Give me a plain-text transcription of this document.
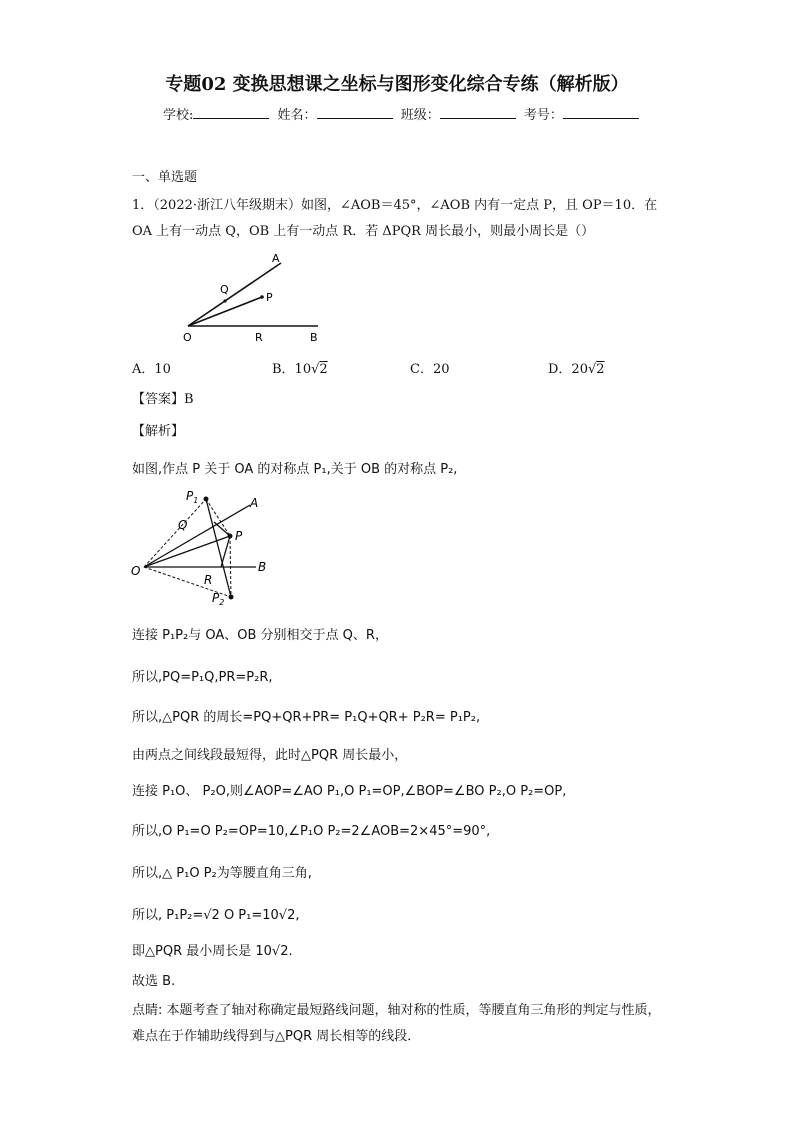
专题02 变换思想课之坐标与图形变化综合专练（解析版）
学校:	姓名：	班级：	考号：
一、单选题
1．（2022·浙江八年级期末）如图，∠AOB＝45°，∠AOB 内有一定点 P，且 OP＝10．在
OA 上有一动点 Q，OB 上有一动点 R．若 ΔPQR 周长最小，则最小周长是（）
A
Q
P
O	R	B
A．10	B．10√2	C．20	D．20√2
【答案】B
【解析】
如图,作点 P 关于 OA 的对称点 P₁,关于 OB 的对称点 P₂,
$P_1$	A
Q
P
O	B
R
$P_2$
连接 P₁P₂与 OA、OB 分别相交于点 Q、R，
所以,PQ=P₁Q,PR=P₂R,
所以,△PQR 的周长=PQ+QR+PR= P₁Q+QR+ P₂R= P₁P₂,
由两点之间线段最短得，此时△PQR 周长最小，
连接 P₁O、 P₂O,则∠AOP=∠AO P₁,O P₁=OP,∠BOP=∠BO P₂,O P₂=OP,
所以,O P₁=O P₂=OP=10,∠P₁O P₂=2∠AOB=2×45°=90°,
所以,△ P₁O P₂为等腰直角三角,
所以, P₁P₂=√2 O P₁=10√2,
即△PQR 最小周长是 10√2.
故选 B.
点睛: 本题考查了轴对称确定最短路线问题，轴对称的性质，等腰直角三角形的判定与性质，难点在于作辅助线得到与△PQR 周长相等的线段．
